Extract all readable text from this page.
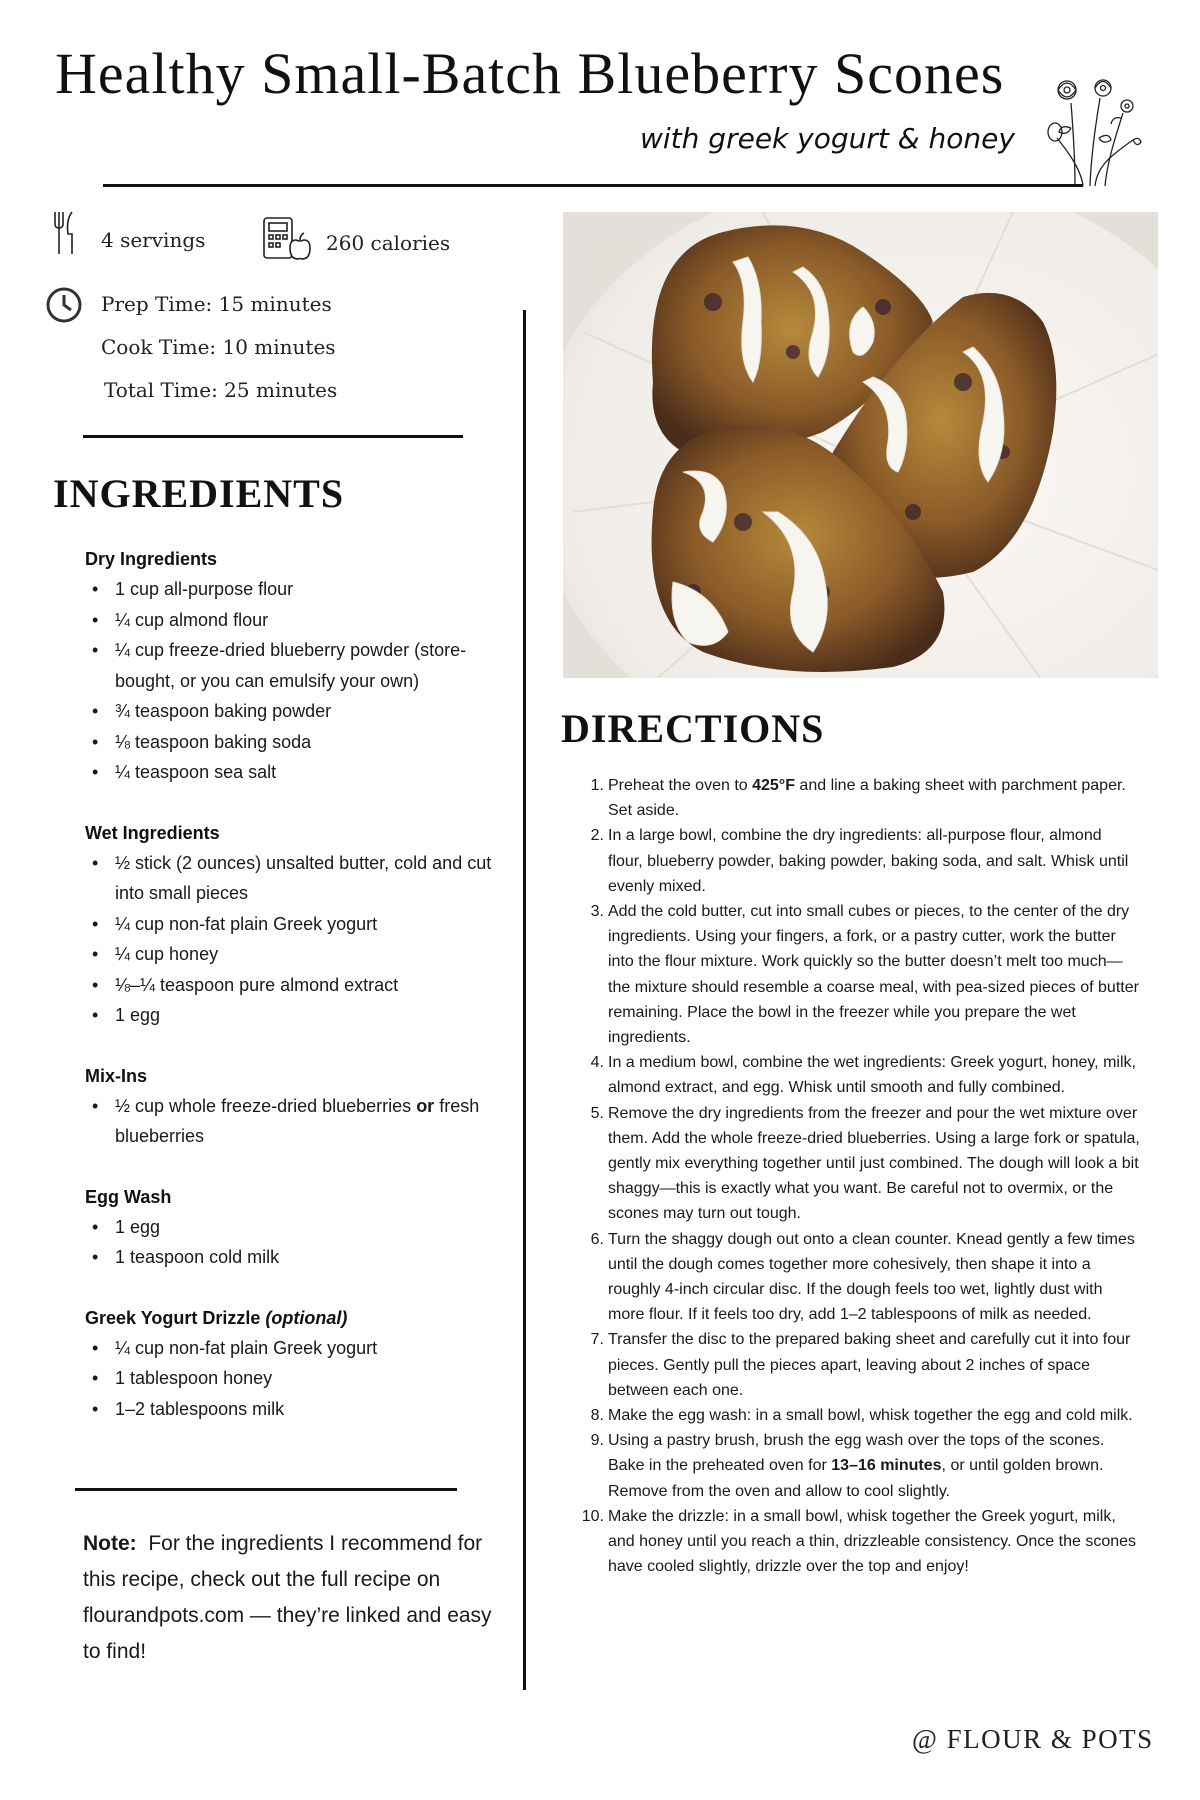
Healthy Small-Batch Blueberry Scones
with greek yogurt & honey
4 servings	260 calories
Prep Time: 15 minutes
Cook Time: 10 minutes
Total Time: 25 minutes
INGREDIENTS
Dry Ingredients
• 1 cup all-purpose flour
• ¼ cup almond flour
• ¼ cup freeze-dried blueberry powder (store-bought, or you can emulsify your own)
• ¾ teaspoon baking powder
• ⅛ teaspoon baking soda
• ¼ teaspoon sea salt
Wet Ingredients
• ½ stick (2 ounces) unsalted butter, cold and cut into small pieces
• ¼ cup non-fat plain Greek yogurt
• ¼ cup honey
• ⅛–¼ teaspoon pure almond extract
• 1 egg
Mix-Ins
• ½ cup whole freeze-dried blueberries or fresh blueberries
Egg Wash
• 1 egg
• 1 teaspoon cold milk
Greek Yogurt Drizzle (optional)
• ¼ cup non-fat plain Greek yogurt
• 1 tablespoon honey
• 1–2 tablespoons milk

Note: For the ingredients I recommend for this recipe, check out the full recipe on flourandpots.com — they’re linked and easy to find!

DIRECTIONS
1. Preheat the oven to 425°F and line a baking sheet with parchment paper. Set aside.
2. In a large bowl, combine the dry ingredients: all-purpose flour, almond flour, blueberry powder, baking powder, baking soda, and salt. Whisk until evenly mixed.
3. Add the cold butter, cut into small cubes or pieces, to the center of the dry ingredients. Using your fingers, a fork, or a pastry cutter, work the butter into the flour mixture. Work quickly so the butter doesn’t melt too much—the mixture should resemble a coarse meal, with pea-sized pieces of butter remaining. Place the bowl in the freezer while you prepare the wet ingredients.
4. In a medium bowl, combine the wet ingredients: Greek yogurt, honey, milk, almond extract, and egg. Whisk until smooth and fully combined.
5. Remove the dry ingredients from the freezer and pour the wet mixture over them. Add the whole freeze-dried blueberries. Using a large fork or spatula, gently mix everything together until just combined. The dough will look a bit shaggy—this is exactly what you want. Be careful not to overmix, or the scones may turn out tough.
6. Turn the shaggy dough out onto a clean counter. Knead gently a few times until the dough comes together more cohesively, then shape it into a roughly 4-inch circular disc. If the dough feels too wet, lightly dust with more flour. If it feels too dry, add 1–2 tablespoons of milk as needed.
7. Transfer the disc to the prepared baking sheet and carefully cut it into four pieces. Gently pull the pieces apart, leaving about 2 inches of space between each one.
8. Make the egg wash: in a small bowl, whisk together the egg and cold milk.
9. Using a pastry brush, brush the egg wash over the tops of the scones. Bake in the preheated oven for 13–16 minutes, or until golden brown. Remove from the oven and allow to cool slightly.
10. Make the drizzle: in a small bowl, whisk together the Greek yogurt, milk, and honey until you reach a thin, drizzleable consistency. Once the scones have cooled slightly, drizzle over the top and enjoy!
@ FLOUR & POTS
